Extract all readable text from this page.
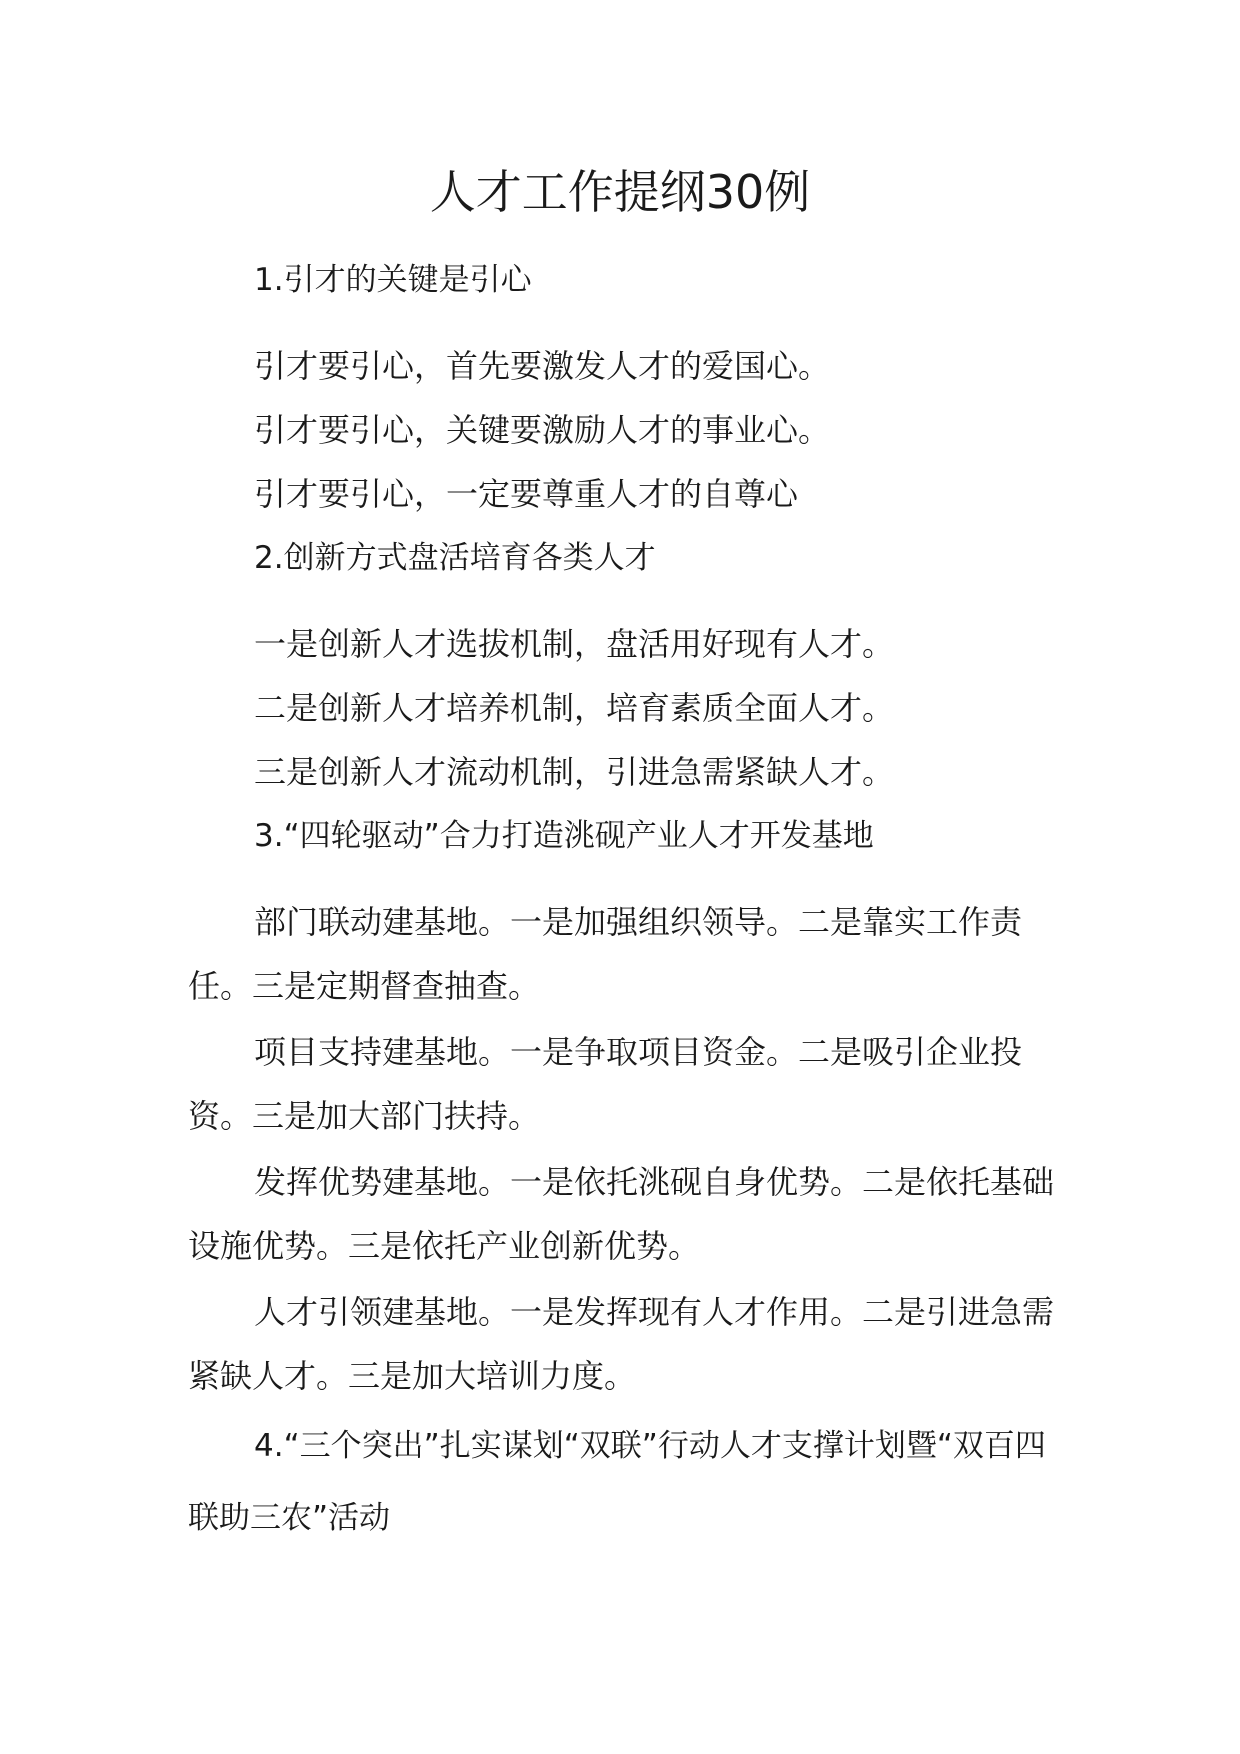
人才工作提纲30例

1.引才的关键是引心

引才要引心，首先要激发人才的爱国心。

引才要引心，关键要激励人才的事业心。

引才要引心，一定要尊重人才的自尊心

2.创新方式盘活培育各类人才

一是创新人才选拔机制，盘活用好现有人才。

二是创新人才培养机制，培育素质全面人才。

三是创新人才流动机制，引进急需紧缺人才。

3.“四轮驱动”合力打造洮砚产业人才开发基地

部门联动建基地。一是加强组织领导。二是靠实工作责任。三是定期督查抽查。

项目支持建基地。一是争取项目资金。二是吸引企业投资。三是加大部门扶持。

发挥优势建基地。一是依托洮砚自身优势。二是依托基础设施优势。三是依托产业创新优势。

人才引领建基地。一是发挥现有人才作用。二是引进急需紧缺人才。三是加大培训力度。

4.“三个突出”扎实谋划“双联”行动人才支撑计划暨“双百四联助三农”活动
